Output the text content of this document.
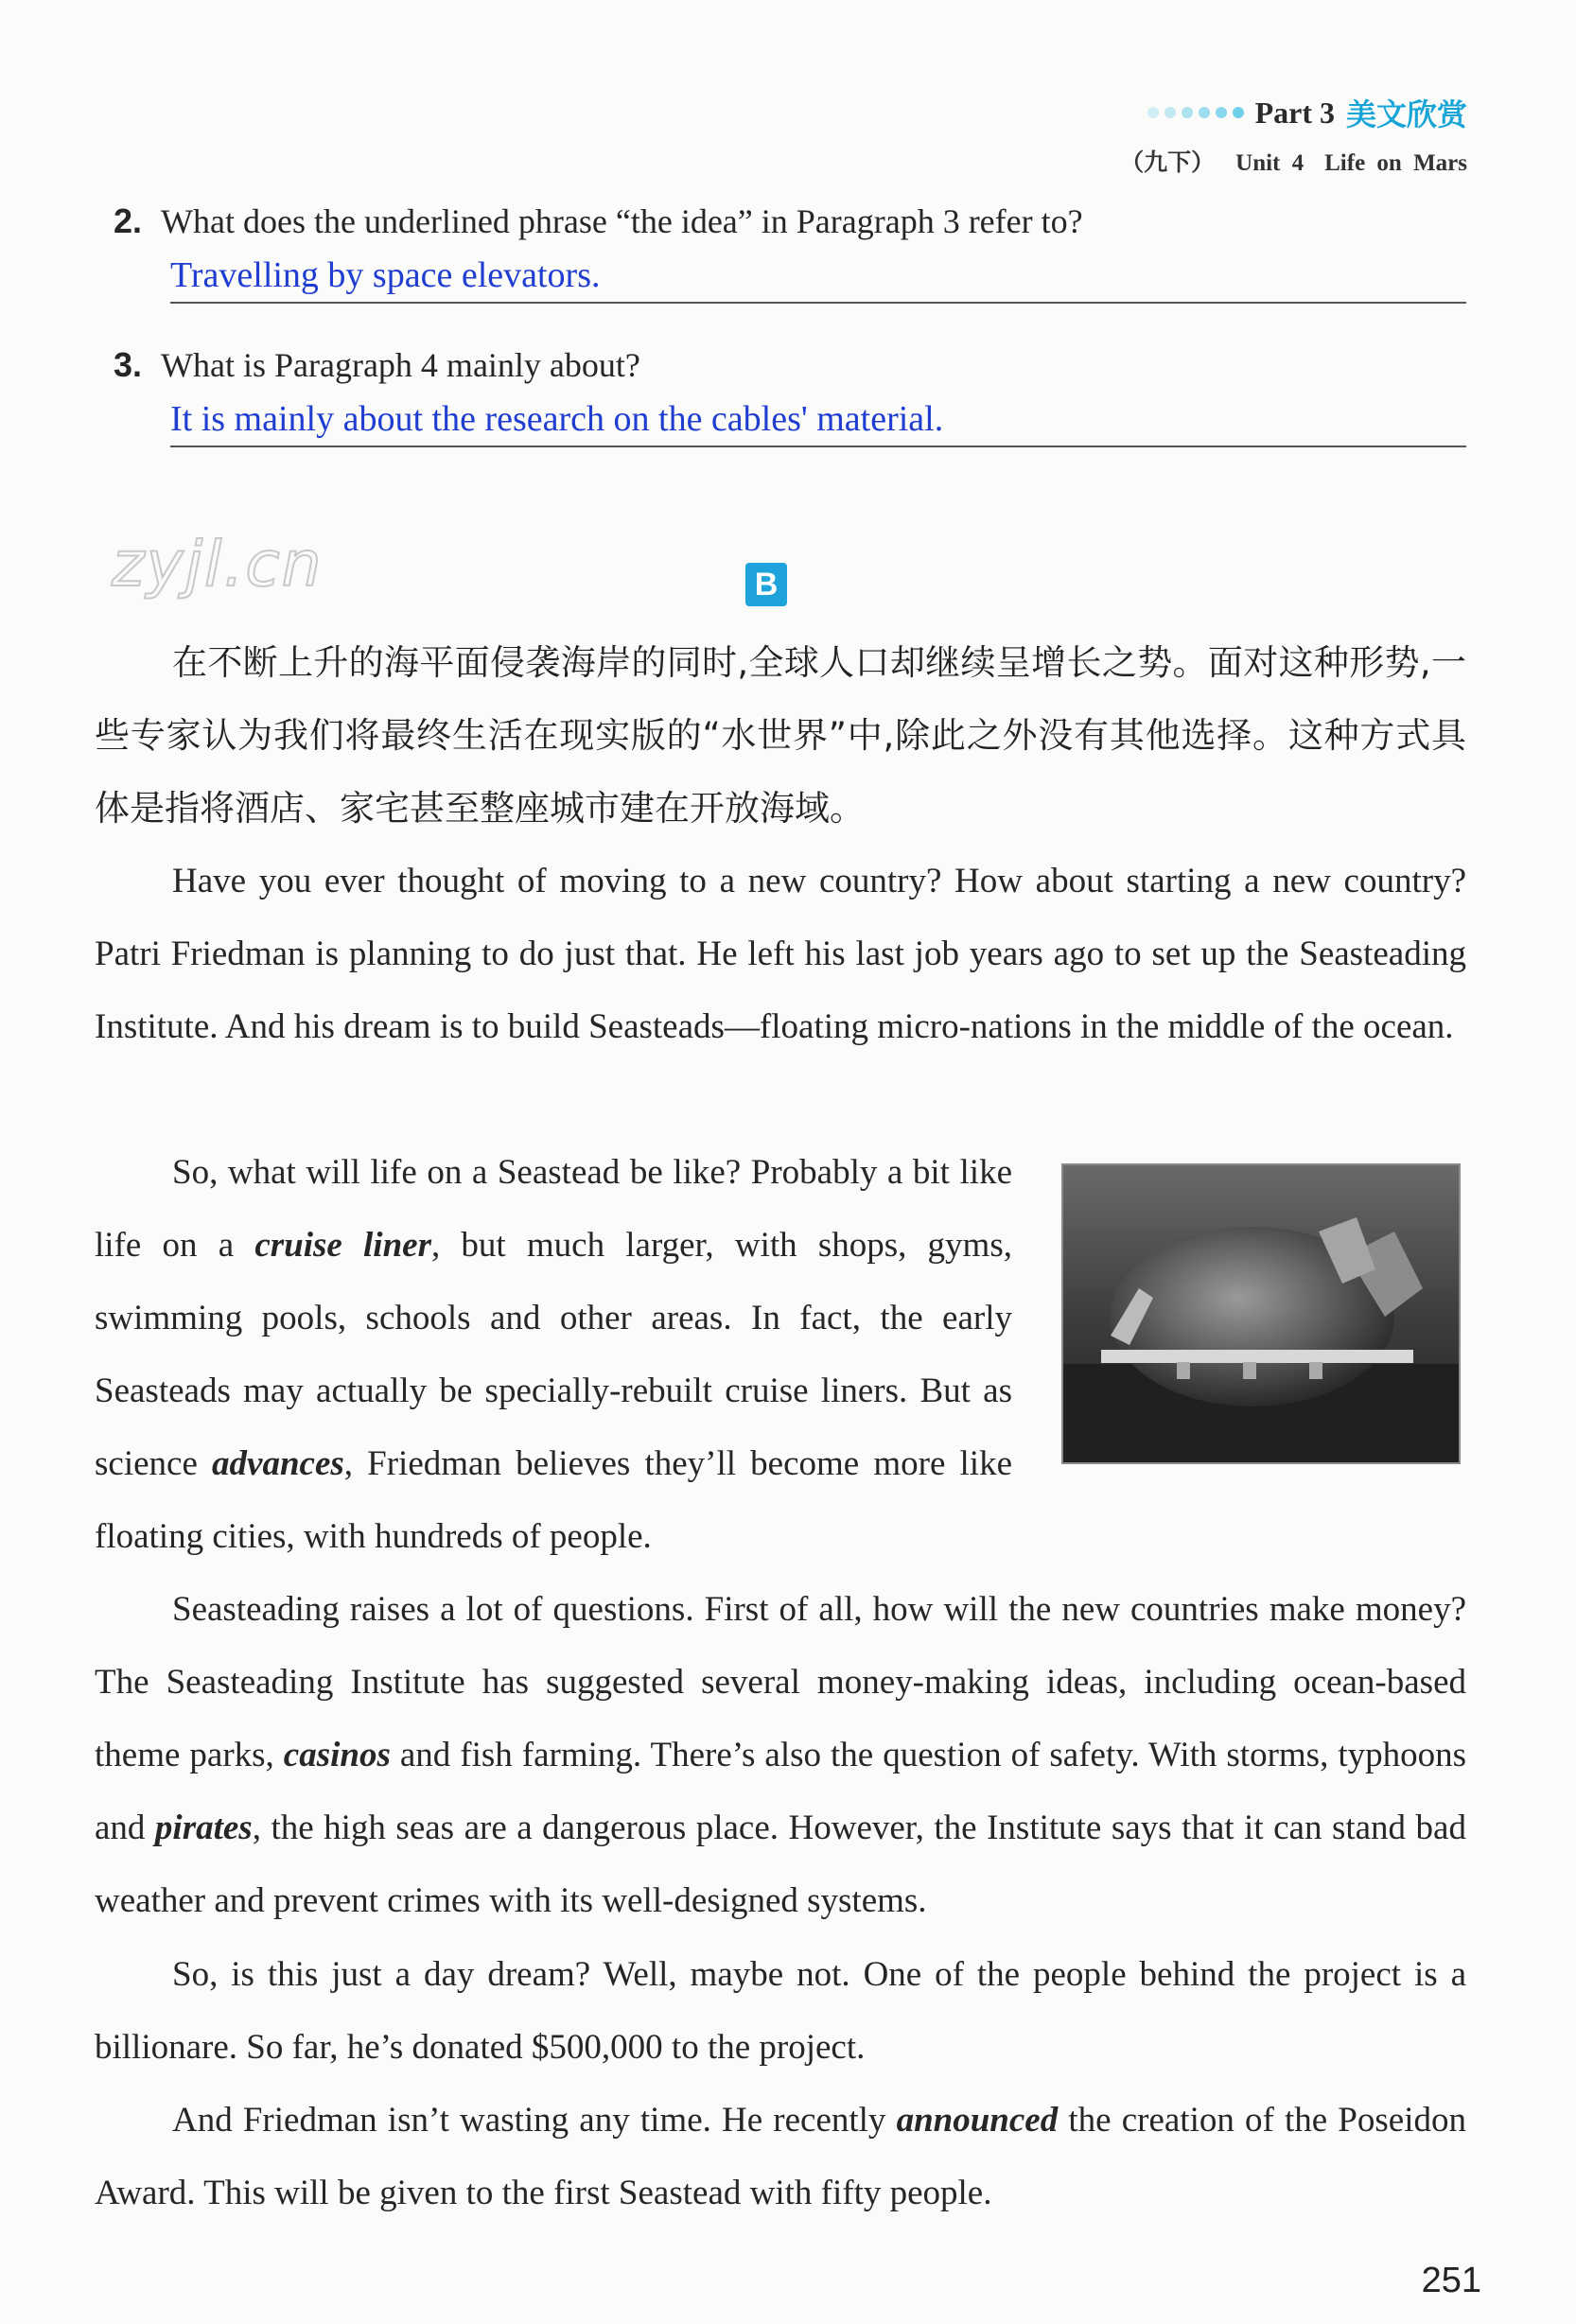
Part 3 美文欣赏
（九下） Unit 4 Life on Mars
2. What does the underlined phrase “the idea” in Paragraph 3 refer to?
Travelling by space elevators.
3. What is Paragraph 4 mainly about?
It is mainly about the research on the cables' material.
zyjl.cn	B
在不断上升的海平面侵袭海岸的同时,全球人口却继续呈增长之势。面对这种形势,一些专家认为我们将最终生活在现实版的“水世界”中,除此之外没有其他选择。这种方式具体是指将酒店、家宅甚至整座城市建在开放海域。
Have you ever thought of moving to a new country? How about starting a new country? Patri Friedman is planning to do just that. He left his last job years ago to set up the Seasteading Institute. And his dream is to build Seasteads—floating micro-nations in the middle of the ocean.
So, what will life on a Seastead be like? Probably a bit like life on a cruise liner, but much larger, with shops, gyms, swimming pools, schools and other areas. In fact, the early Seasteads may actually be specially-rebuilt cruise liners. But as science advances, Friedman believes they’ll become more like floating cities, with hundreds of people.
Seasteading raises a lot of questions. First of all, how will the new countries make money? The Seasteading Institute has suggested several money-making ideas, including ocean-based theme parks, casinos and fish farming. There’s also the question of safety. With storms, typhoons and pirates, the high seas are a dangerous place. However, the Institute says that it can stand bad weather and prevent crimes with its well-designed systems.
So, is this just a day dream? Well, maybe not. One of the people behind the project is a billionare. So far, he’s donated $500,000 to the project.
And Friedman isn’t wasting any time. He recently announced the creation of the Poseidon Award. This will be given to the first Seastead with fifty people.
251
